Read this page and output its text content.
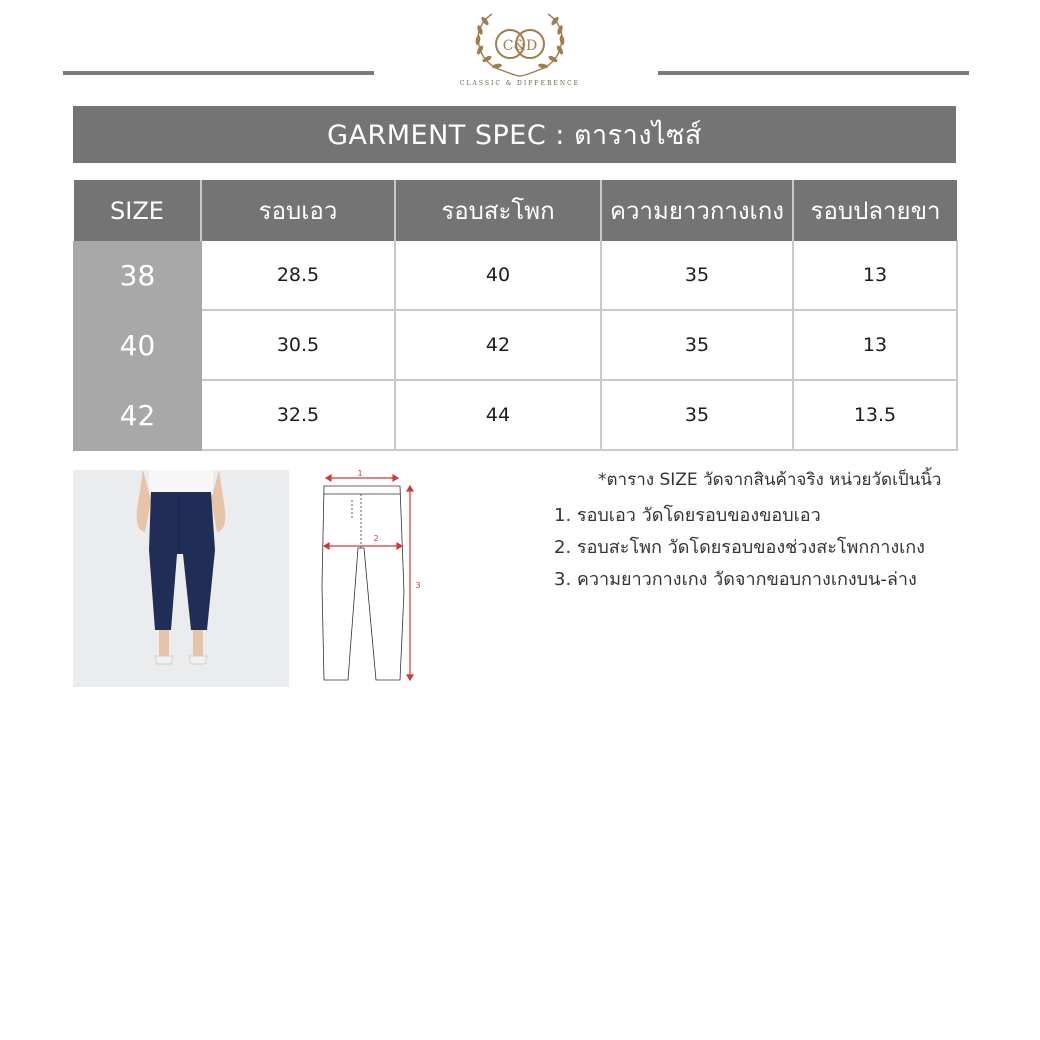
C&D
CLASSIC & DIFFERENCE
GARMENT SPEC : ตารางไซส์
SIZE	รอบเอว	รอบสะโพก	ความยาวกางเกง	รอบปลายขา
38	28.5	40	35	13
40	30.5	42	35	13
42	32.5	44	35	13.5
1
2
3
*ตาราง SIZE วัดจากสินค้าจริง หน่วยวัดเป็นนิ้ว
1. รอบเอว วัดโดยรอบของขอบเอว
2. รอบสะโพก วัดโดยรอบของช่วงสะโพกกางเกง
3. ความยาวกางเกง วัดจากขอบกางเกงบน-ล่าง
